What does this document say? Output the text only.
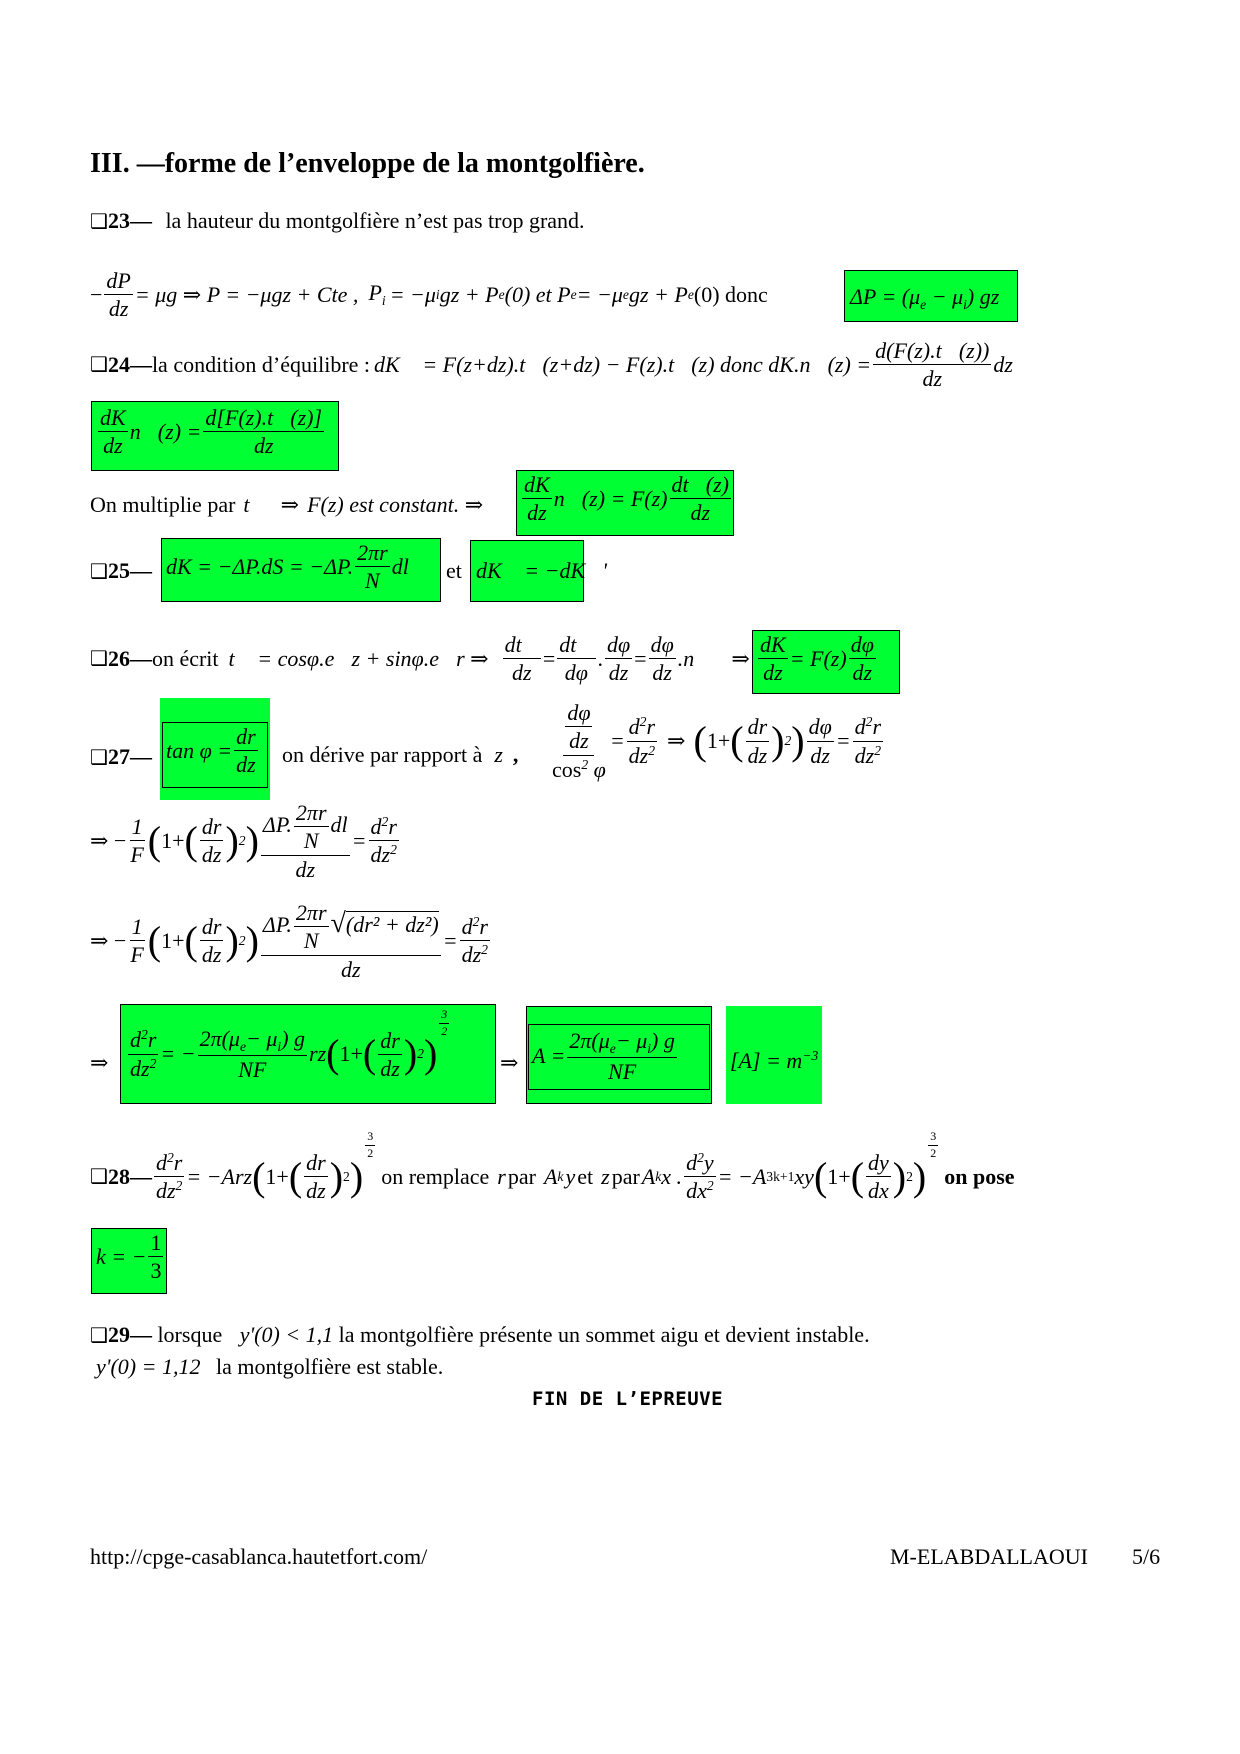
III. —forme de l’enveloppe de la montgolfière.
❑23— la hauteur du montgolfière n’est pas trop grand.
− $\frac{dP}{dz} = \mu g$ ⇒ P = −μgz + Cte , $P_i = -\mu$ i gz + P e (0) et P e = −μ e gz + P e (0) donc	$\Delta P = (\mu_e - \mu_i)$ gz
❑ 24— la condition d’équilibre : dK⃗ = F(z+dz).t⃗(z+dz) − F(z).t⃗(z) donc dK.n⃗(z) = $\frac{d(F(z).t⃗(z))}{dz}$ dz
$\frac{dK}{dz}$ n⃗(z) = $\frac{d[F(z).t⃗(z)]}{dz}$
On multiplie par t⃗ ⇒ F(z) est constant. ⇒ $\frac{dK}{dz}$ n⃗(z) = $F(z) \frac{dt⃗(z)}{dz}$
❑25— dK = −ΔP.dS = −ΔP. $\frac{2\pi r}{N}$ dl et dK⃗ = −dK⃗'
❑ 26— on écrit t⃗ = cosφ.e⃗z + sinφ.e⃗r ⇒ $\frac{dt⃗}{dz} = \frac{dt⃗}{d\varphi}$ . $\frac{d\varphi}{dz} = \frac{d\varphi}{dz}$ .n⃗ ⇒ $\frac{dK}{dz} = F(z) \frac{d\varphi}{dz}$
❑27— $\tan \varphi = \frac{dr}{dz}$ on dérive par rapport à z , $\frac{\frac{d\varphi}{dz}}{\cos^2 \varphi} = \frac{d^2r}{dz^2}$ ⇒ ( 1+ ( $\frac{dr}{dz}$ ) 2 ) $\frac{d\varphi}{dz} = \frac{d^2r}{dz^2}$
⇒ − $\frac{1}{F}$ ( 1+ ( $\frac{dr}{dz}$ ) 2 ) $\frac{\Delta P. \frac{2\pi r}{N} dl}{dz} = \frac{d^2r}{dz^2}$
⇒ − $\frac{1}{F}$ ( 1+ ( $\frac{dr}{dz}$ ) 2 ) $\frac{\Delta P. \frac{2\pi r}{N} √(dr^2 + dz^2)}{dz} = \frac{d^2r}{dz^2}$
⇒ $\frac{d^2r}{dz^2}$ = − $\frac{2\pi(\mu_e- \mu_i) g}{NF}$ rz ( 1+ ( $\frac{dr}{dz}$ ) 2 )
$\frac{3}{2}$
⇒ $A = \frac{2\pi(\mu_e- \mu_i) g}{NF} [A] = m^{-3}$
❑ 28— $\frac{d^2r}{dz^2} = -Arz$ ( 1+ ( $\frac{dr}{dz}$ ) 2 )
$\frac{3}{2}$
on remplace r par A k y et z par A k x . $\frac{d^2y}{dx^2} = -A$ 3k+1 xy ( 1+ ( $\frac{dy}{dx}$ ) 2 )
$\frac{3}{2}$
on pose
k = − $\frac{1}{3}$
❑29— lorsque y'(0) < 1,1 la montgolfière présente un sommet aigu et devient instable.
y'(0) = 1,12 la montgolfière est stable.
FIN DE L’EPREUVE
http://cpge-casablanca.hautetfort.com/	M-ELABDALLAOUI 5/6
